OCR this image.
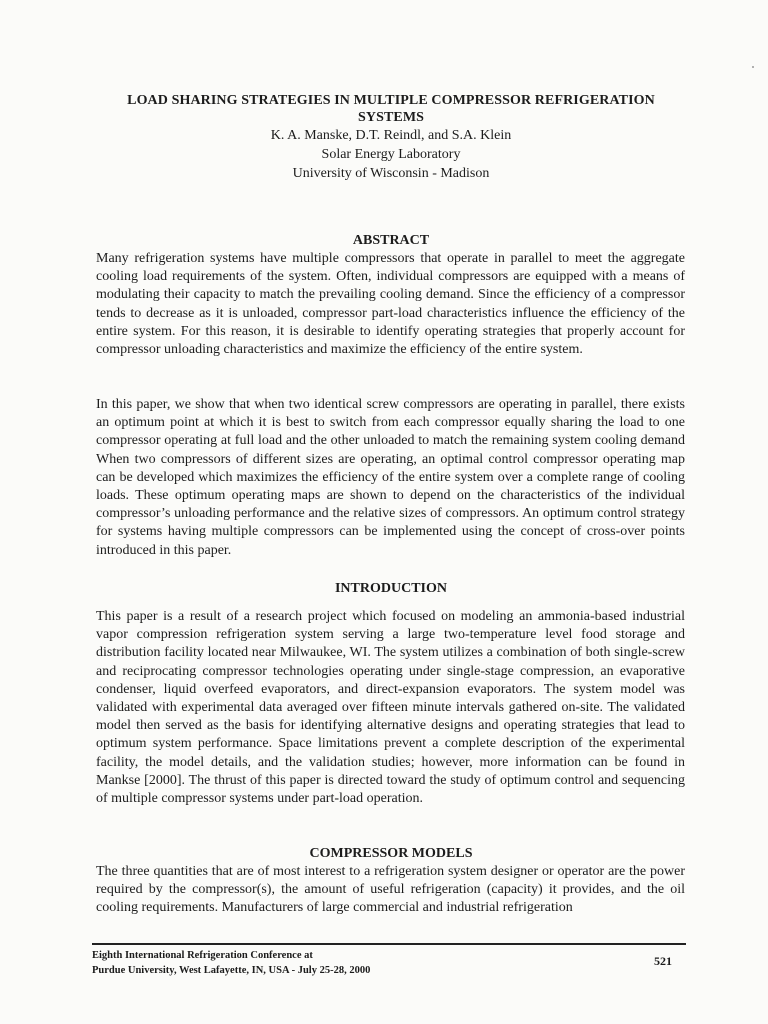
LOAD SHARING STRATEGIES IN MULTIPLE COMPRESSOR REFRIGERATION

SYSTEMS

K. A. Manske, D.T. Reindl, and S.A. Klein

Solar Energy Laboratory

University of Wisconsin - Madison

ABSTRACT

Many refrigeration systems have multiple compressors that operate in parallel to meet the aggregate cooling load requirements of the system. Often, individual compressors are equipped with a means of modulating their capacity to match the prevailing cooling demand. Since the efficiency of a compressor tends to decrease as it is unloaded, compressor part-load characteristics influence the efficiency of the entire system. For this reason, it is desirable to identify operating strategies that properly account for compressor unloading characteristics and maximize the efficiency of the entire system.

In this paper, we show that when two identical screw compressors are operating in parallel, there exists an optimum point at which it is best to switch from each compressor equally sharing the load to one compressor operating at full load and the other unloaded to match the remaining system cooling demand When two compressors of different sizes are operating, an optimal control compressor operating map can be developed which maximizes the efficiency of the entire system over a complete range of cooling loads. These optimum operating maps are shown to depend on the characteristics of the individual compressor’s unloading performance and the relative sizes of compressors. An optimum control strategy for systems having multiple compressors can be implemented using the concept of cross-over points introduced in this paper.

INTRODUCTION

This paper is a result of a research project which focused on modeling an ammonia-based industrial vapor compression refrigeration system serving a large two-temperature level food storage and distribution facility located near Milwaukee, WI. The system utilizes a combination of both single-screw and reciprocating compressor technologies operating under single-stage compression, an evaporative condenser, liquid overfeed evaporators, and direct-expansion evaporators. The system model was validated with experimental data averaged over fifteen minute intervals gathered on-site. The validated model then served as the basis for identifying alternative designs and operating strategies that lead to optimum system performance. Space limitations prevent a complete description of the experimental facility, the model details, and the validation studies; however, more information can be found in Mankse [2000]. The thrust of this paper is directed toward the study of optimum control and sequencing of multiple compressor systems under part-load operation.

COMPRESSOR MODELS

The three quantities that are of most interest to a refrigeration system designer or operator are the power required by the compressor(s), the amount of useful refrigeration (capacity) it provides, and the oil cooling requirements. Manufacturers of large commercial and industrial refrigeration

Eighth International Refrigeration Conference at
Purdue University, West Lafayette, IN, USA - July 25-28, 2000
521
